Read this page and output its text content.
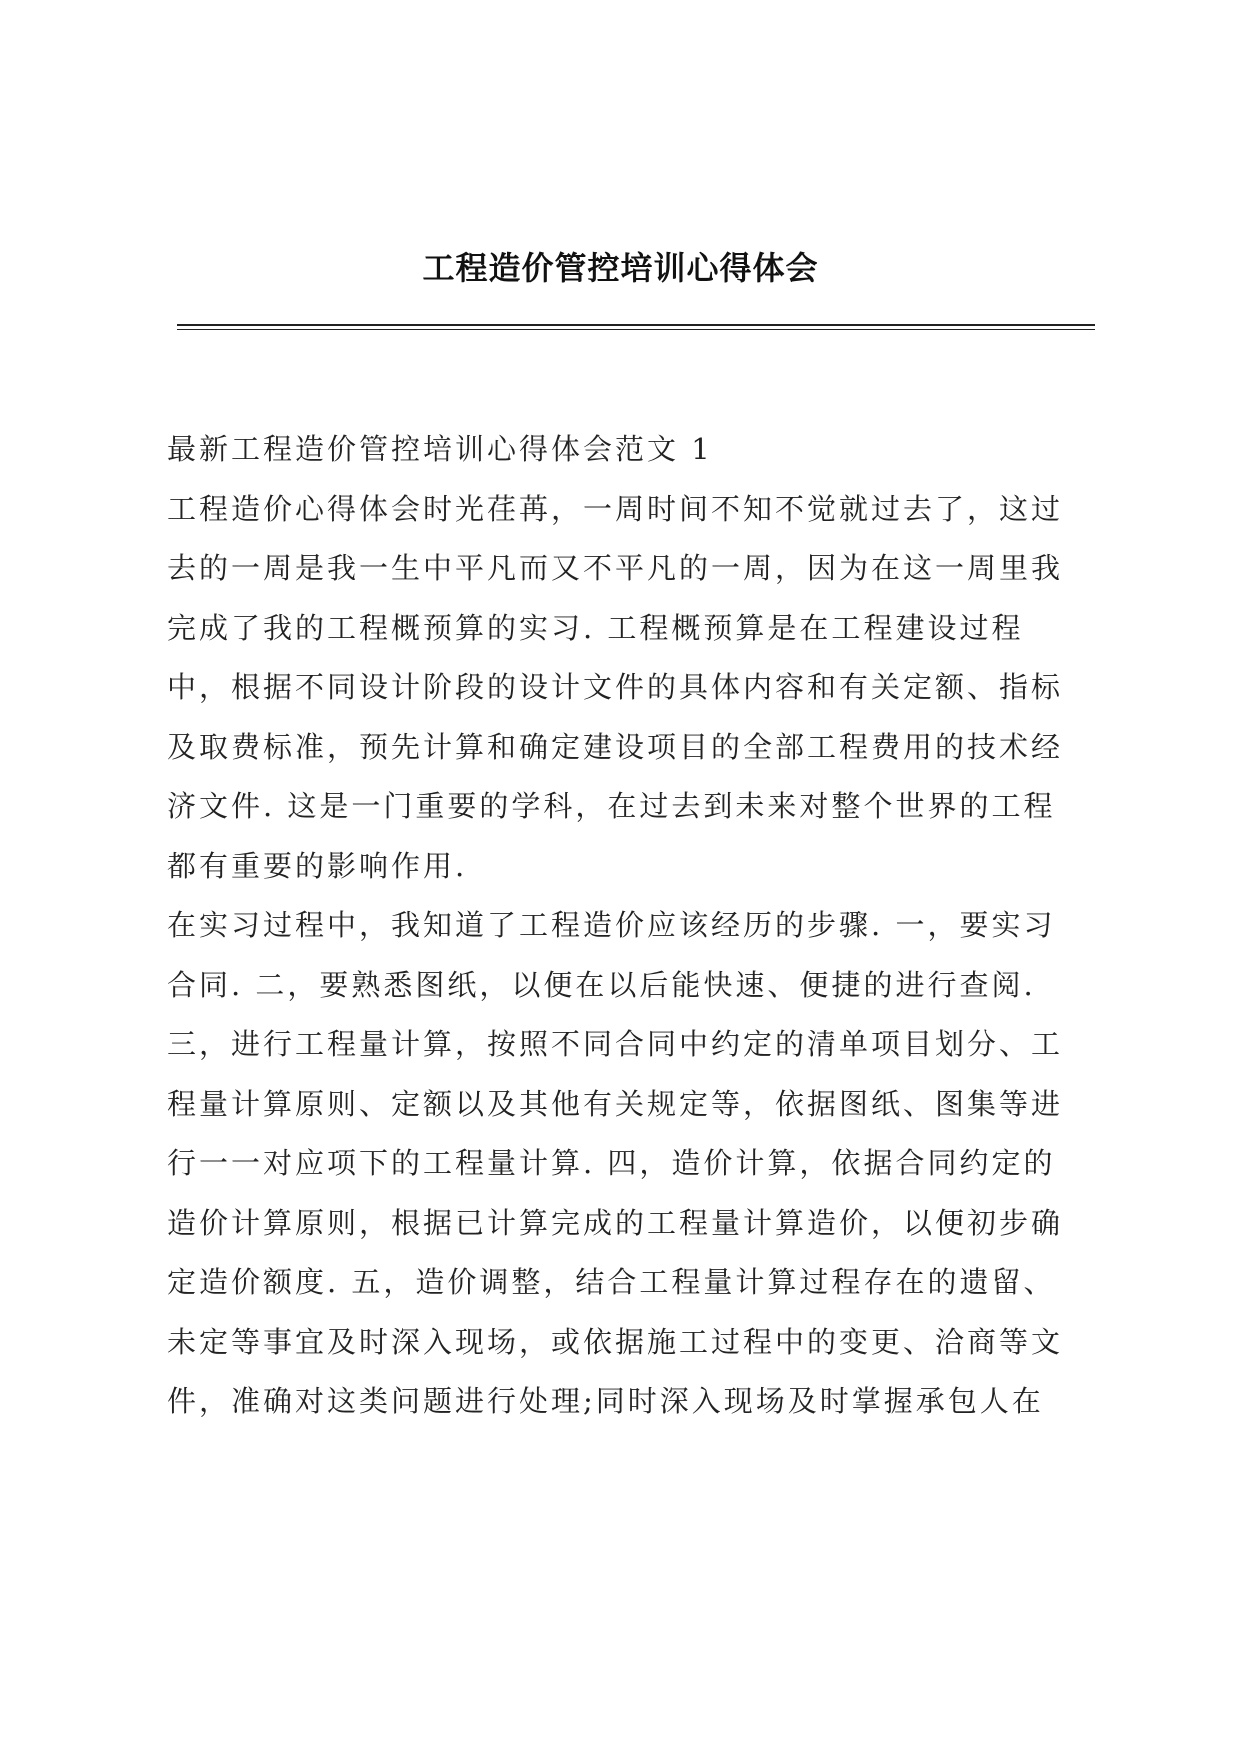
工程造价管控培训心得体会

最新工程造价管控培训心得体会范文 1

工程造价心得体会时光荏苒，一周时间不知不觉就过去了，这过
去的一周是我一生中平凡而又不平凡的一周，因为在这一周里我
完成了我的工程概预算的实习. 工程概预算是在工程建设过程
中，根据不同设计阶段的设计文件的具体内容和有关定额、指标
及取费标准，预先计算和确定建设项目的全部工程费用的技术经
济文件. 这是一门重要的学科，在过去到未来对整个世界的工程
都有重要的影响作用.

在实习过程中，我知道了工程造价应该经历的步骤. 一，要实习
合同. 二，要熟悉图纸，以便在以后能快速、便捷的进行查阅.
三，进行工程量计算，按照不同合同中约定的清单项目划分、工
程量计算原则、定额以及其他有关规定等，依据图纸、图集等进
行一一对应项下的工程量计算. 四，造价计算，依据合同约定的
造价计算原则，根据已计算完成的工程量计算造价，以便初步确
定造价额度. 五，造价调整，结合工程量计算过程存在的遗留、
未定等事宜及时深入现场，或依据施工过程中的变更、洽商等文
件，准确对这类问题进行处理;同时深入现场及时掌握承包人在
